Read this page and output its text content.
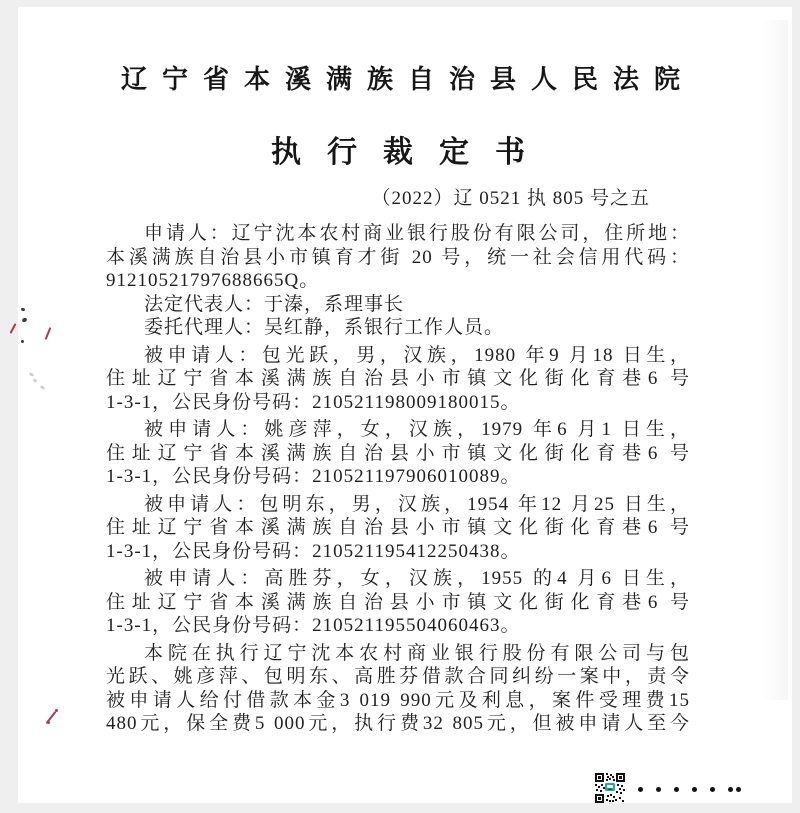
辽宁省本溪满族自治县人民法院
执行裁定书
（2022）辽 0521 执 805 号之五
申请人：辽宁沈本农村商业银行股份有限公司，住所地：
本溪满族自治县小市镇育才街 20 号，统一社会信用代码：
91210521797688665Q。
法定代表人：于溱，系理事长
委托代理人：吴红静，系银行工作人员。
被申请人：包光跃，男，汉族，1980 年9 月18 日生，
住址辽宁省本溪满族自治县小市镇文化街化育巷6 号
1-3-1，公民身份号码：210521198009180015。
被申请人：姚彦萍，女，汉族，1979 年6 月1 日生，
住址辽宁省本溪满族自治县小市镇文化街化育巷6 号
1-3-1，公民身份号码：210521197906010089。
被申请人：包明东，男，汉族，1954 年12 月25 日生，
住址辽宁省本溪满族自治县小市镇文化街化育巷6 号
1-3-1，公民身份号码：210521195412250438。
被申请人：高胜芬，女，汉族，1955 的4 月6 日生，
住址辽宁省本溪满族自治县小市镇文化街化育巷6 号
1-3-1，公民身份号码：210521195504060463。
本院在执行辽宁沈本农村商业银行股份有限公司与包
光跃、姚彦萍、包明东、高胜芬借款合同纠纷一案中，责令
被申请人给付借款本金3 019 990元及利息，案件受理费15
480元，保全费5 000元，执行费32 805元，但被申请人至今
